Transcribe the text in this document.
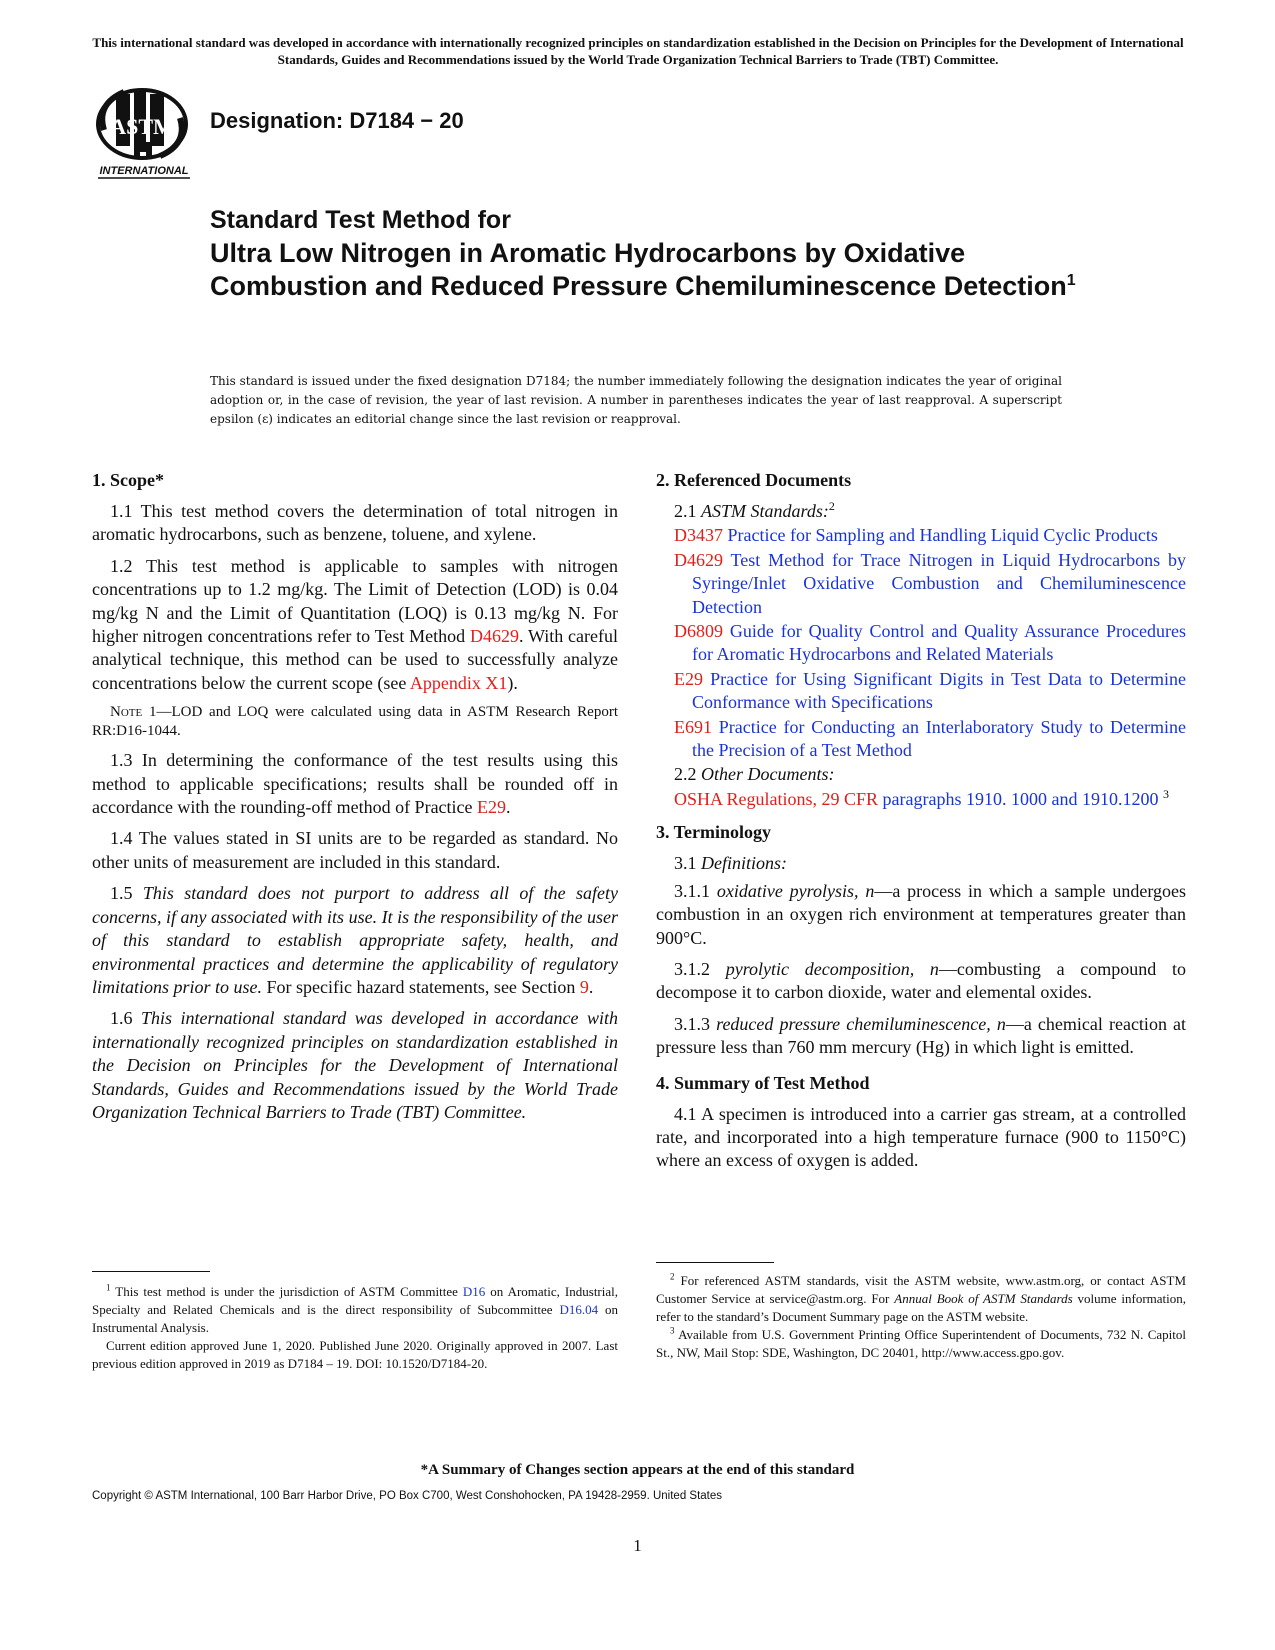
This international standard was developed in accordance with internationally recognized principles on standardization established in the Decision on Principles for the Development of International Standards, Guides and Recommendations issued by the World Trade Organization Technical Barriers to Trade (TBT) Committee.
ASTM
INTERNATIONAL
Designation: D7184 − 20
Standard Test Method for
Ultra Low Nitrogen in Aromatic Hydrocarbons by Oxidative Combustion and Reduced Pressure Chemiluminescence Detection$^1$
This standard is issued under the fixed designation D7184; the number immediately following the designation indicates the year of original adoption or, in the case of revision, the year of last revision. A number in parentheses indicates the year of last reapproval. A superscript epsilon (ε) indicates an editorial change since the last revision or reapproval.
1. Scope*

1.1 This test method covers the determination of total nitrogen in aromatic hydrocarbons, such as benzene, toluene, and xylene.

1.2 This test method is applicable to samples with nitrogen concentrations up to 1.2 mg/kg. The Limit of Detection (LOD) is 0.04 mg/kg N and the Limit of Quantitation (LOQ) is 0.13 mg/kg N. For higher nitrogen concentrations refer to Test Method D4629. With careful analytical technique, this method can be used to successfully analyze concentrations below the current scope (see Appendix X1).

Note 1—LOD and LOQ were calculated using data in ASTM Research Report RR:D16-1044.

1.3 In determining the conformance of the test results using this method to applicable specifications; results shall be rounded off in accordance with the rounding-off method of Practice E29.

1.4 The values stated in SI units are to be regarded as standard. No other units of measurement are included in this standard.

1.5 This standard does not purport to address all of the safety concerns, if any associated with its use. It is the responsibility of the user of this standard to establish appropriate safety, health, and environmental practices and determine the applicability of regulatory limitations prior to use. For specific hazard statements, see Section 9.

1.6 This international standard was developed in accordance with internationally recognized principles on standardization established in the Decision on Principles for the Development of International Standards, Guides and Recommendations issued by the World Trade Organization Technical Barriers to Trade (TBT) Committee.

2. Referenced Documents
2.1 ASTM Standards:$^2$
D3437 Practice for Sampling and Handling Liquid Cyclic Products
D4629 Test Method for Trace Nitrogen in Liquid Hydrocarbons by Syringe/Inlet Oxidative Combustion and Chemiluminescence Detection
D6809 Guide for Quality Control and Quality Assurance Procedures for Aromatic Hydrocarbons and Related Materials
E29 Practice for Using Significant Digits in Test Data to Determine Conformance with Specifications
E691 Practice for Conducting an Interlaboratory Study to Determine the Precision of a Test Method
2.2 Other Documents:
OSHA Regulations, 29 CFR paragraphs 1910. 1000 and 1910.1200 $^3$
3. Terminology
3.1 Definitions:

3.1.1 oxidative pyrolysis, n—a process in which a sample undergoes combustion in an oxygen rich environment at temperatures greater than 900°C.

3.1.2 pyrolytic decomposition, n—combusting a compound to decompose it to carbon dioxide, water and elemental oxides.

3.1.3 reduced pressure chemiluminescence, n—a chemical reaction at pressure less than 760 mm mercury (Hg) in which light is emitted.

4. Summary of Test Method

4.1 A specimen is introduced into a carrier gas stream, at a controlled rate, and incorporated into a high temperature furnace (900 to 1150°C) where an excess of oxygen is added.

$^1$ This test method is under the jurisdiction of ASTM Committee D16 on Aromatic, Industrial, Specialty and Related Chemicals and is the direct responsibility of Subcommittee D16.04 on Instrumental Analysis.

Current edition approved June 1, 2020. Published June 2020. Originally approved in 2007. Last previous edition approved in 2019 as D7184 – 19. DOI: 10.1520/D7184-20.

$^2$ For referenced ASTM standards, visit the ASTM website, www.astm.org, or contact ASTM Customer Service at service@astm.org. For Annual Book of ASTM Standards volume information, refer to the standard’s Document Summary page on the ASTM website.

$^3$ Available from U.S. Government Printing Office Superintendent of Documents, 732 N. Capitol St., NW, Mail Stop: SDE, Washington, DC 20401, http://www.access.gpo.gov.

*A Summary of Changes section appears at the end of this standard
Copyright © ASTM International, 100 Barr Harbor Drive, PO Box C700, West Conshohocken, PA 19428-2959. United States
1
